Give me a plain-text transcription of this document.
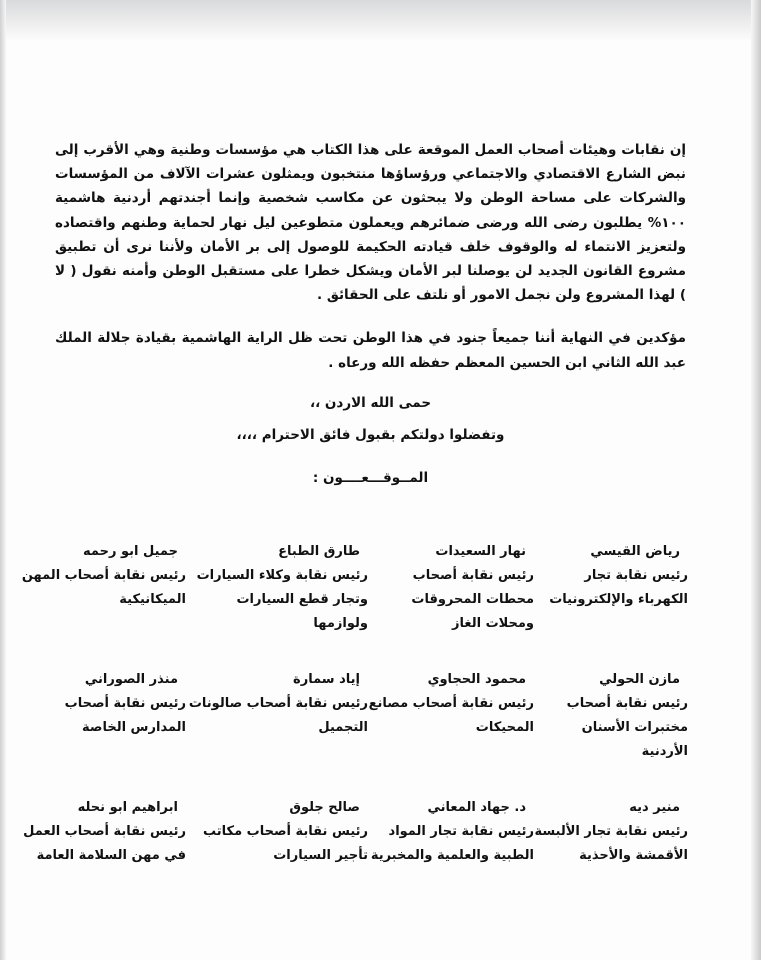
إن نقابات وهيئات أصحاب العمل الموقعة على هذا الكتاب هي مؤسسات وطنية وهي الأقرب إلى نبض الشارع الاقتصادي والاجتماعي ورؤساؤها منتخبون ويمثلون عشرات الآلاف من المؤسسات والشركات على مساحة الوطن ولا يبحثون عن مكاسب شخصية وإنما أجندتهم أردنية هاشمية ١٠٠% يطلبون رضى الله ورضى ضمائرهم ويعملون متطوعين ليل نهار لحماية وطنهم واقتصاده ولتعزيز الانتماء له والوقوف خلف قيادته الحكيمة للوصول إلى بر الأمان ولأننا نرى أن تطبيق مشروع القانون الجديد لن يوصلنا لبر الأمان ويشكل خطرا على مستقبل الوطن وأمنه نقول ( لا ) لهذا المشروع ولن نجمل الامور أو نلتف على الحقائق .

مؤكدين في النهاية أننا جميعاً جنود في هذا الوطن تحت ظل الراية الهاشمية بقيادة جلالة الملك عبد الله الثاني ابن الحسين المعظم حفظه الله ورعاه .

حمى الله الاردن ،،

وتفضلوا دولتكم بقبول فائق الاحترام ،،،،

المــوقـــعــــون :

رياض القيسي

رئيس نقابة تجار الكهرباء والإلكترونيات

نهار السعيدات

رئيس نقابة أصحاب محطات المحروقات ومحلات الغاز

طارق الطباع

رئيس نقابة وكلاء السيارات وتجار قطع السيارات ولوازمها

جميل ابو رحمه

رئيس نقابة أصحاب المهن الميكانيكية

مازن الحولي

رئيس نقابة أصحاب مختبرات الأسنان الأردنية

محمود الحجاوي

رئيس نقابة أصحاب مصانع المحيكات

إياد سمارة

رئيس نقابة أصحاب صالونات التجميل

منذر الصوراني

رئيس نقابة أصحاب المدارس الخاصة

منير ديه

رئيس نقابة تجار الألبسة الأقمشة والأحذية

د. جهاد المعاني

رئيس نقابة تجار المواد الطبية والعلمية والمخبرية

صالح جلوق

رئيس نقابة أصحاب مكاتب تأجير السيارات

ابراهيم ابو نحله

رئيس نقابة أصحاب العمل في مهن السلامة العامة
